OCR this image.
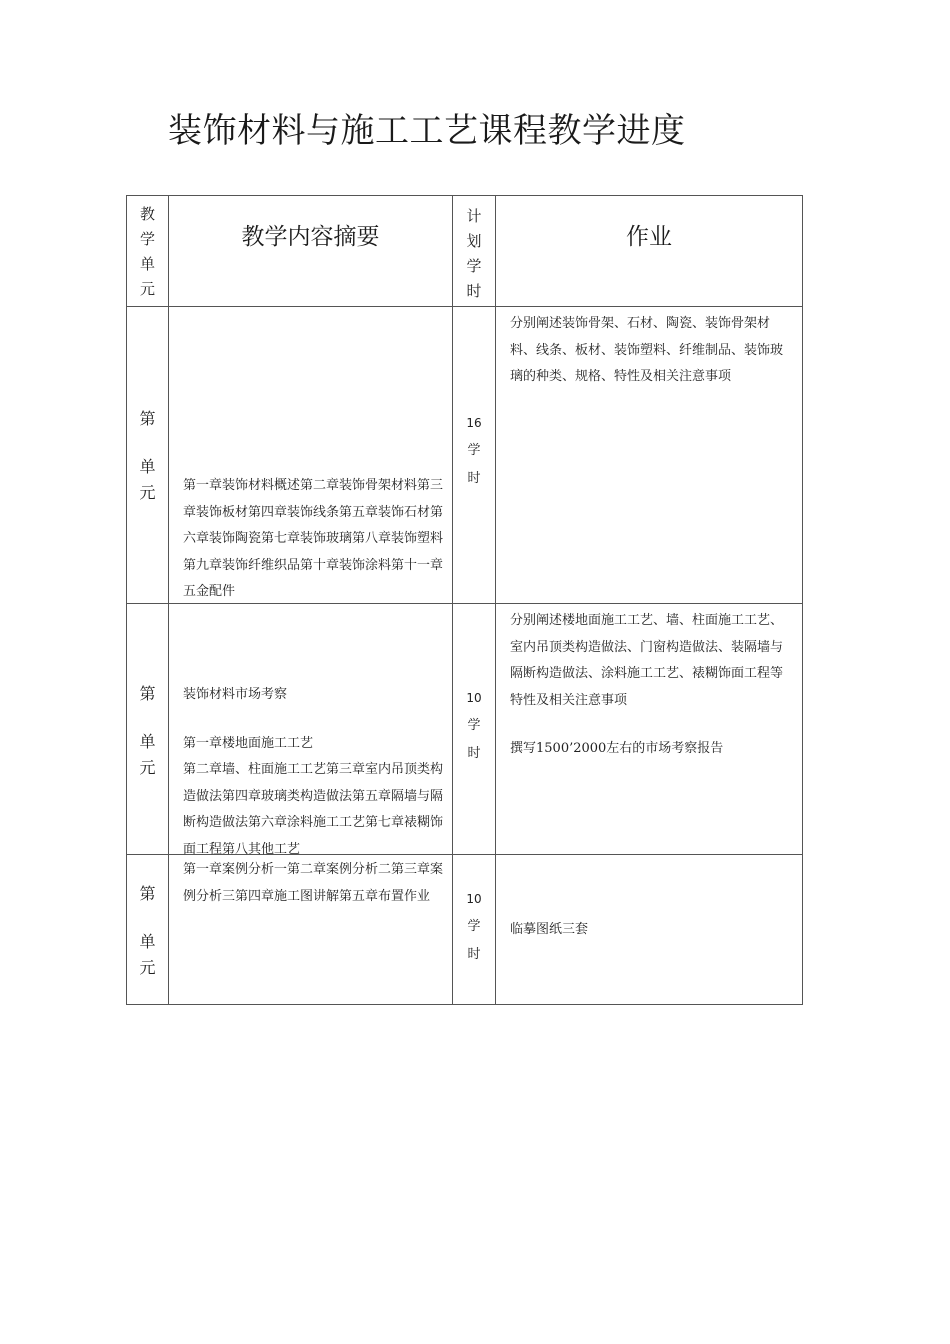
装饰材料与施工工艺课程教学进度
教
学
单
元	教学内容摘要	计
划
学
时	作业

第
单
元	第一章装饰材料概述第二章装饰骨架材料第三章装饰板材第四章装饰线条第五章装饰石材第六章装饰陶瓷第七章装饰玻璃第八章装饰塑料第九章装饰纤维织品第十章装饰涂料第十一章五金配件	16
学
时	分别阐述装饰骨架、石材、陶瓷、装饰骨架材料、线条、板材、装饰塑料、纤维制品、装饰玻璃的种类、规格、特性及相关注意事项

第
单
元	装饰材料市场考察
第一章楼地面施工工艺
第二章墙、柱面施工工艺第三章室内吊顶类构造做法第四章玻璃类构造做法第五章隔墙与隔断构造做法第六章涂料施工工艺第七章裱糊饰面工程第八其他工艺	10
学
时	分别阐述楼地面施工工艺、墙、柱面施工工艺、室内吊顶类构造做法、门窗构造做法、装隔墙与隔断构造做法、涂料施工工艺、裱糊饰面工程等特性及相关注意事项
撰写1500’2000左右的市场考察报告

第
单
元	第一章案例分析一第二章案例分析二第三章案例分析三第四章施工图讲解第五章布置作业	10
学
时	临摹图纸三套
